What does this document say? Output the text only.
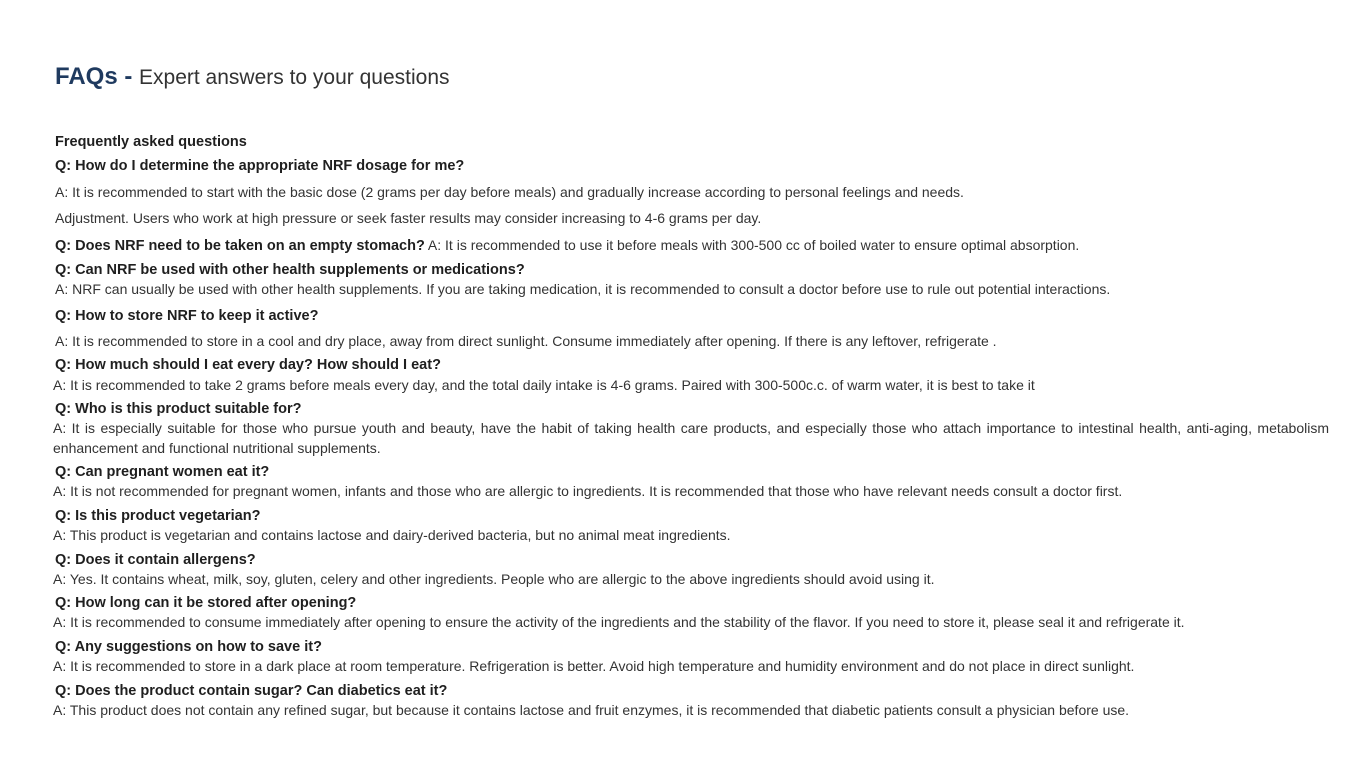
FAQs - Expert answers to your questions
Frequently asked questions
Q: How do I determine the appropriate NRF dosage for me?
A: It is recommended to start with the basic dose (2 grams per day before meals) and gradually increase according to personal feelings and needs.
Adjustment. Users who work at high pressure or seek faster results may consider increasing to 4-6 grams per day.
Q: Does NRF need to be taken on an empty stomach? A: It is recommended to use it before meals with 300-500 cc of boiled water to ensure optimal absorption.
Q: Can NRF be used with other health supplements or medications?
A: NRF can usually be used with other health supplements. If you are taking medication, it is recommended to consult a doctor before use to rule out potential interactions.
Q: How to store NRF to keep it active?
A: It is recommended to store in a cool and dry place, away from direct sunlight. Consume immediately after opening. If there is any leftover, refrigerate .
Q: How much should I eat every day? How should I eat?
A: It is recommended to take 2 grams before meals every day, and the total daily intake is 4-6 grams. Paired with 300-500c.c. of warm water, it is best to take it
Q: Who is this product suitable for?
A: It is especially suitable for those who pursue youth and beauty, have the habit of taking health care products, and especially those who attach importance to intestinal health, anti-aging, metabolism enhancement and functional nutritional supplements.
Q: Can pregnant women eat it?
A: It is not recommended for pregnant women, infants and those who are allergic to ingredients. It is recommended that those who have relevant needs consult a doctor first.
Q: Is this product vegetarian?
A: This product is vegetarian and contains lactose and dairy-derived bacteria, but no animal meat ingredients.
Q: Does it contain allergens?
A: Yes. It contains wheat, milk, soy, gluten, celery and other ingredients. People who are allergic to the above ingredients should avoid using it.
Q: How long can it be stored after opening?
A: It is recommended to consume immediately after opening to ensure the activity of the ingredients and the stability of the flavor. If you need to store it, please seal it and refrigerate it.
Q: Any suggestions on how to save it?
A: It is recommended to store in a dark place at room temperature. Refrigeration is better. Avoid high temperature and humidity environment and do not place in direct sunlight.
Q: Does the product contain sugar? Can diabetics eat it?
A: This product does not contain any refined sugar, but because it contains lactose and fruit enzymes, it is recommended that diabetic patients consult a physician before use.
